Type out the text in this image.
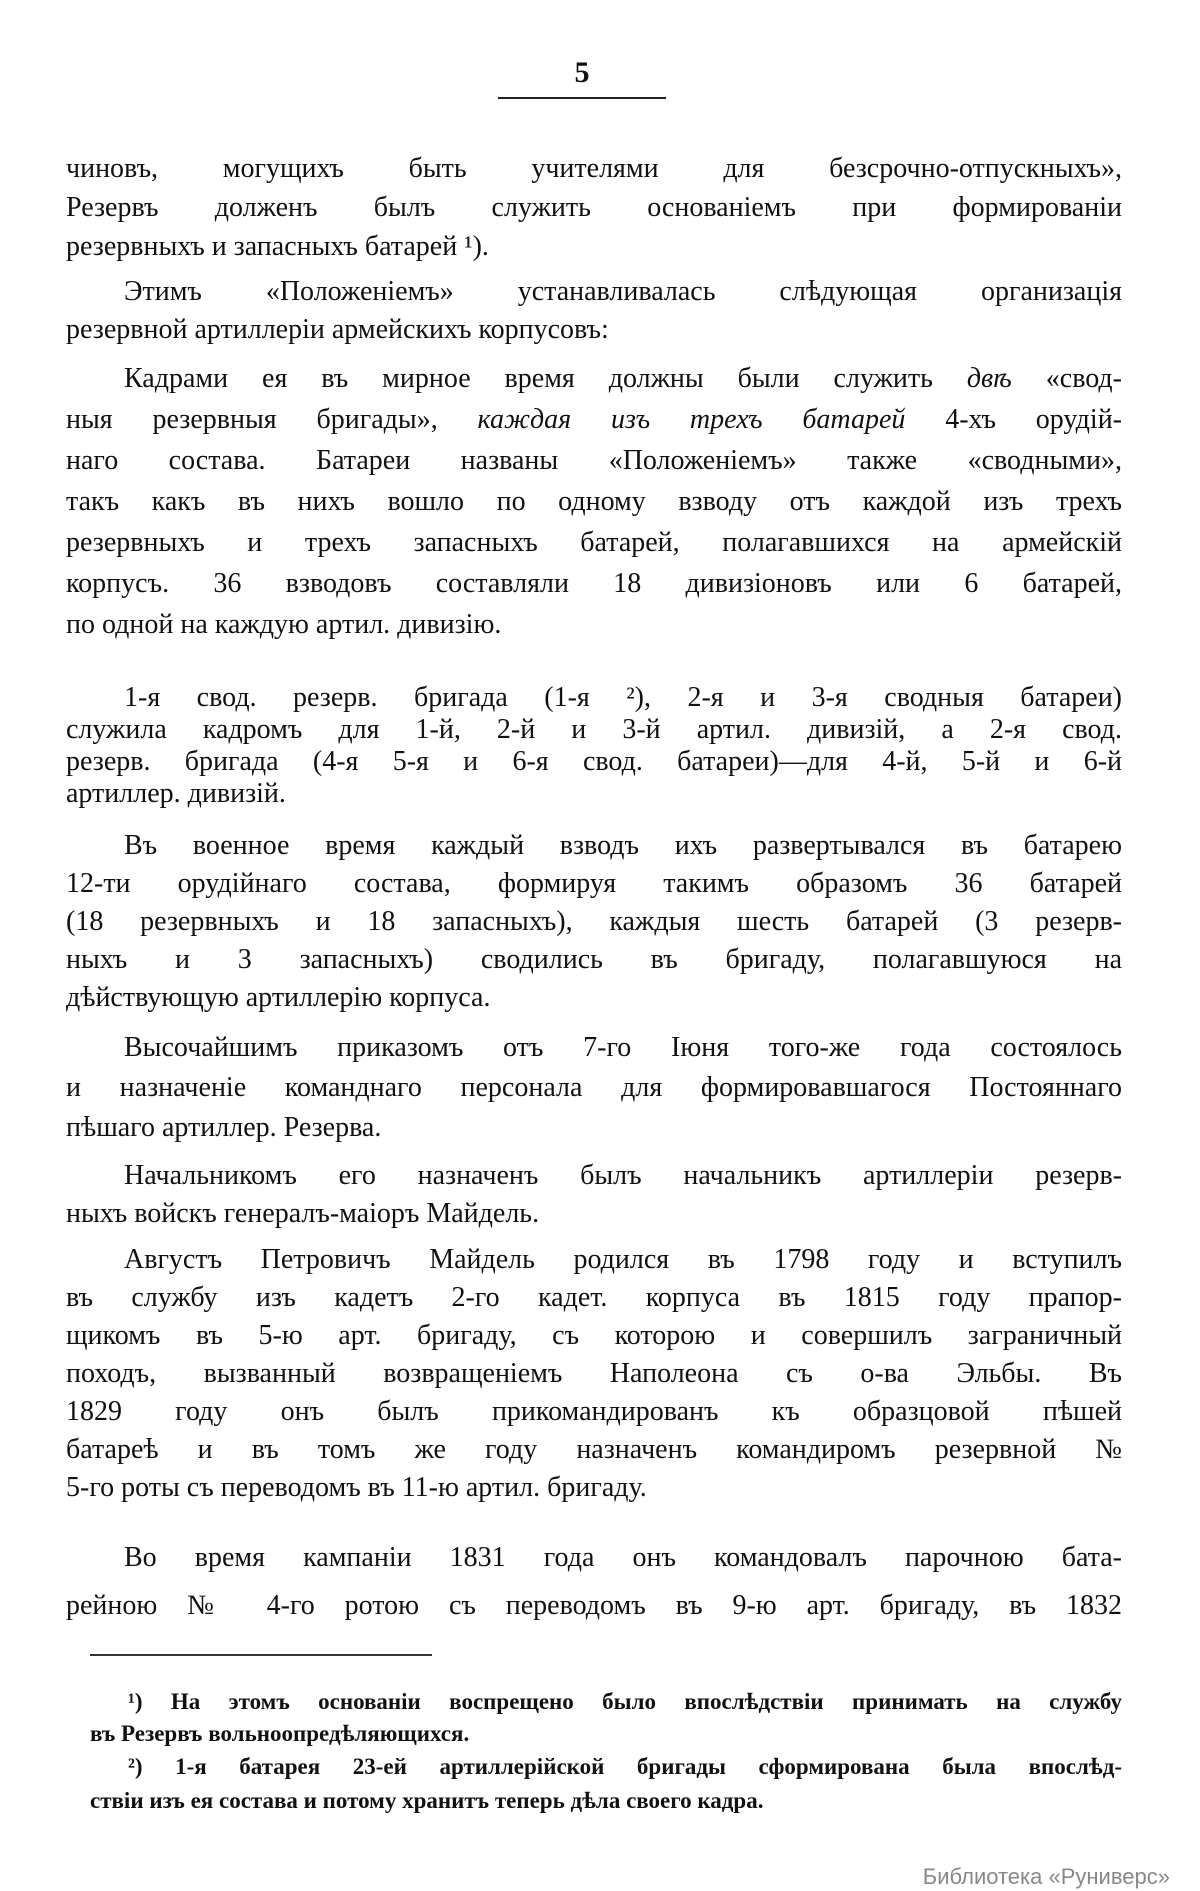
5
чиновъ, могущихъ быть учителями для безсрочно-отпускныхъ»,
Резервъ долженъ былъ служить основаніемъ при формированіи
резервныхъ и запасныхъ батарей ¹).
Этимъ «Положеніемъ» устанавливалась слѣдующая организація
резервной артиллеріи армейскихъ корпусовъ:
Кадрами ея въ мирное время должны были служить двѣ «свод-
ныя резервныя бригады», каждая изъ трехъ батарей 4-хъ орудій-
наго состава. Батареи названы «Положеніемъ» также «сводными»,
такъ какъ въ нихъ вошло по одному взводу отъ каждой изъ трехъ
резервныхъ и трехъ запасныхъ батарей, полагавшихся на армейскій
корпусъ. 36 взводовъ составляли 18 дивизіоновъ или 6 батарей,
по одной на каждую артил. дивизію.
1-я свод. резерв. бригада (1-я ²), 2-я и 3-я сводныя батареи)
служила кадромъ для 1-й, 2-й и 3-й артил. дивизій, а 2-я свод.
резерв. бригада (4-я 5-я и 6-я свод. батареи)—для 4-й, 5-й и 6-й
артиллер. дивизій.
Въ военное время каждый взводъ ихъ развертывался въ батарею
12-ти орудійнаго состава, формируя такимъ образомъ 36 батарей
(18 резервныхъ и 18 запасныхъ), каждыя шесть батарей (3 резерв-
ныхъ и 3 запасныхъ) сводились въ бригаду, полагавшуюся на
дѣйствующую артиллерію корпуса.
Высочайшимъ приказомъ отъ 7-го Іюня того-же года состоялось
и назначеніе команднаго персонала для формировавшагося Постояннаго
пѣшаго артиллер. Резерва.
Начальникомъ его назначенъ былъ начальникъ артиллеріи резерв-
ныхъ войскъ генералъ-маіоръ Майдель.
Августъ Петровичъ Майдель родился въ 1798 году и вступилъ
въ службу изъ кадетъ 2-го кадет. корпуса въ 1815 году прапор-
щикомъ въ 5-ю арт. бригаду, съ которою и совершилъ заграничный
походъ, вызванный возвращеніемъ Наполеона съ о-ва Эльбы. Въ
1829 году онъ былъ прикомандированъ къ образцовой пѣшей
батареѣ и въ томъ же году назначенъ командиромъ резервной №
5-го роты съ переводомъ въ 11-ю артил. бригаду.
Во время кампаніи 1831 года онъ командовалъ парочною бата-
рейною № 4-го ротою съ переводомъ въ 9-ю арт. бригаду, въ 1832
¹) На этомъ основаніи воспрещено было впослѣдствіи принимать на службу
въ Резервъ вольноопредѣляющихся.
²) 1-я батарея 23-ей артиллерійской бригады сформирована была впослѣд-
ствіи изъ ея состава и потому хранитъ теперь дѣла своего кадра.
Библиотека «Руниверс»
